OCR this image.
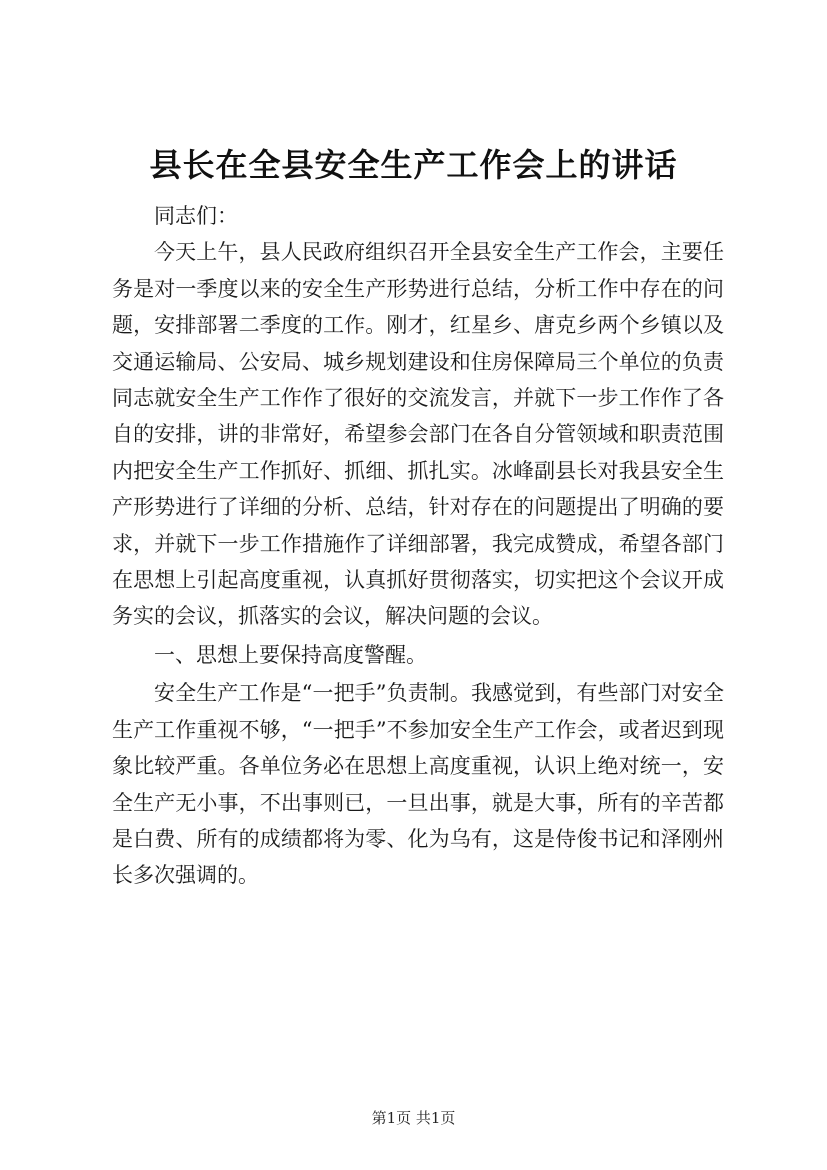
县长在全县安全生产工作会上的讲话

同志们：

今天上午，县人民政府组织召开全县安全生产工作会，主要任务是对一季度以来的安全生产形势进行总结，分析工作中存在的问题，安排部署二季度的工作。刚才，红星乡、唐克乡两个乡镇以及交通运输局、公安局、城乡规划建设和住房保障局三个单位的负责同志就安全生产工作作了很好的交流发言，并就下一步工作作了各自的安排，讲的非常好，希望参会部门在各自分管领域和职责范围内把安全生产工作抓好、抓细、抓扎实。冰峰副县长对我县安全生产形势进行了详细的分析、总结，针对存在的问题提出了明确的要求，并就下一步工作措施作了详细部署，我完成赞成，希望各部门在思想上引起高度重视，认真抓好贯彻落实，切实把这个会议开成务实的会议，抓落实的会议，解决问题的会议。

一、思想上要保持高度警醒。

安全生产工作是“一把手”负责制。我感觉到，有些部门对安全生产工作重视不够，“一把手”不参加安全生产工作会，或者迟到现象比较严重。各单位务必在思想上高度重视，认识上绝对统一，安全生产无小事，不出事则已，一旦出事，就是大事，所有的辛苦都是白费、所有的成绩都将为零、化为乌有，这是侍俊书记和泽刚州长多次强调的。

第1页 共1页
